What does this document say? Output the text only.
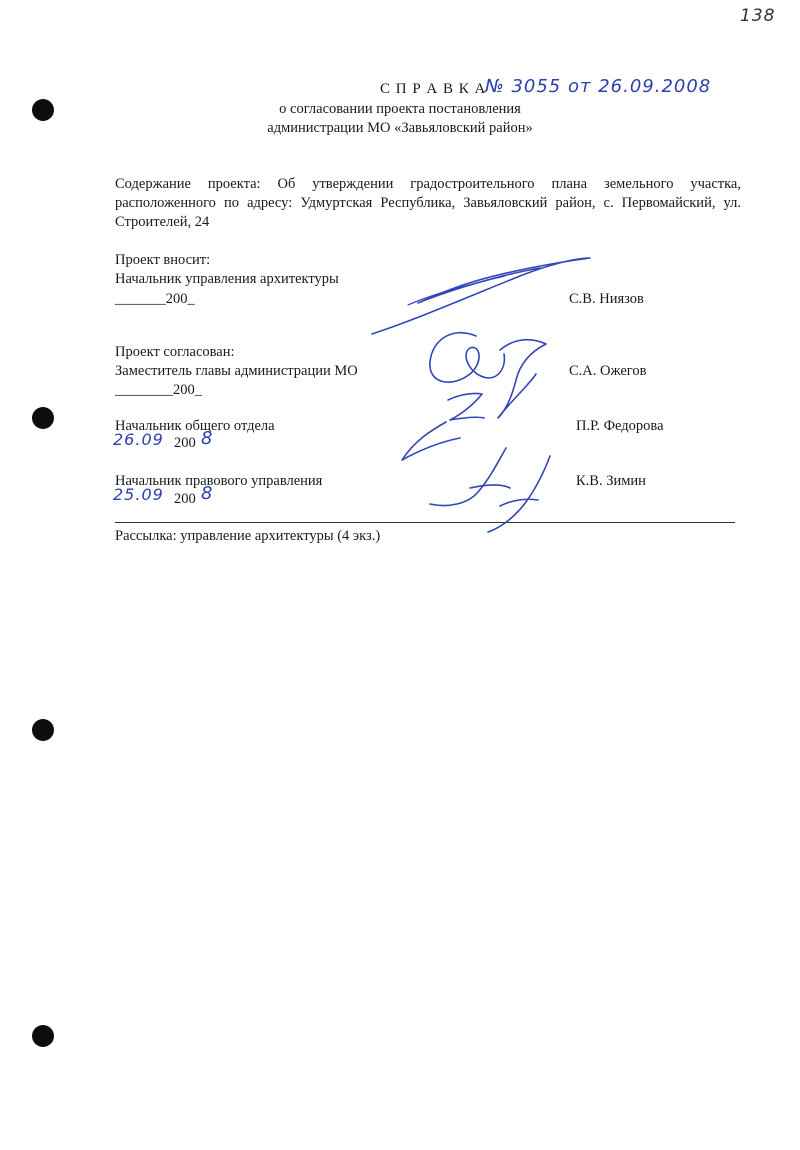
138
С П Р А В К А
№ 3055 от 26.09.2008
о согласовании проекта постановления
администрации МО «Завьяловский район»
Содержание проекта: Об утверждении градостроительного плана земельного участка, расположенного по адресу: Удмуртская Республика, Завьяловский район, с. Первомайский, ул. Строителей, 24
Проект вносит:
Начальник управления архитектуры
_______200_	С.В. Ниязов
Проект согласован:
Заместитель главы администрации МО	С.А. Ожегов
________200_
Начальник общего отдела	П.Р. Федорова
26.09 200 8
Начальник правового управления	К.В. Зимин
25.09 200 8
Рассылка: управление архитектуры (4 экз.)
